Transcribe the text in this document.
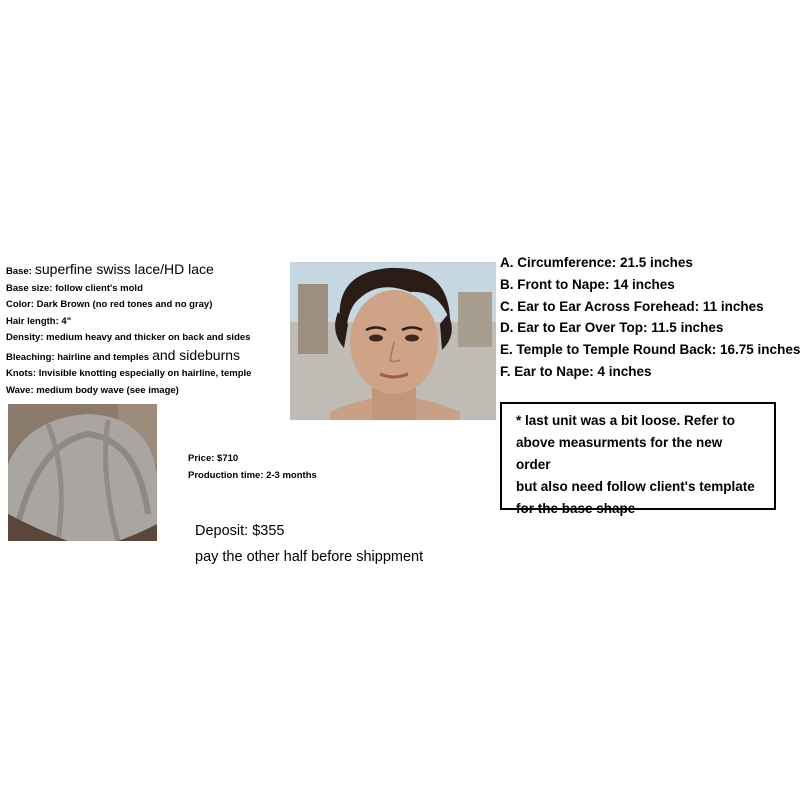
Base: superfine swiss lace/HD lace
Base size: follow client's mold
Color: Dark Brown (no red tones and no gray)
Hair length: 4"
Density: medium heavy and thicker on back and sides
Bleaching: hairline and temples and sideburns
Knots: Invisible knotting especially on hairline, temple
Wave: medium body wave (see image)
A. Circumference: 21.5 inches
B. Front to Nape: 14 inches
C. Ear to Ear Across Forehead: 11 inches
D. Ear to Ear Over Top: 11.5 inches
E. Temple to Temple Round Back: 16.75 inches
F. Ear to Nape: 4 inches
* last unit was a bit loose. Refer to
above measurments for the new order
but also need follow client's template
for the base shape
Price: $710
Production time: 2-3 months
Deposit: $355
pay the other half before shippment
